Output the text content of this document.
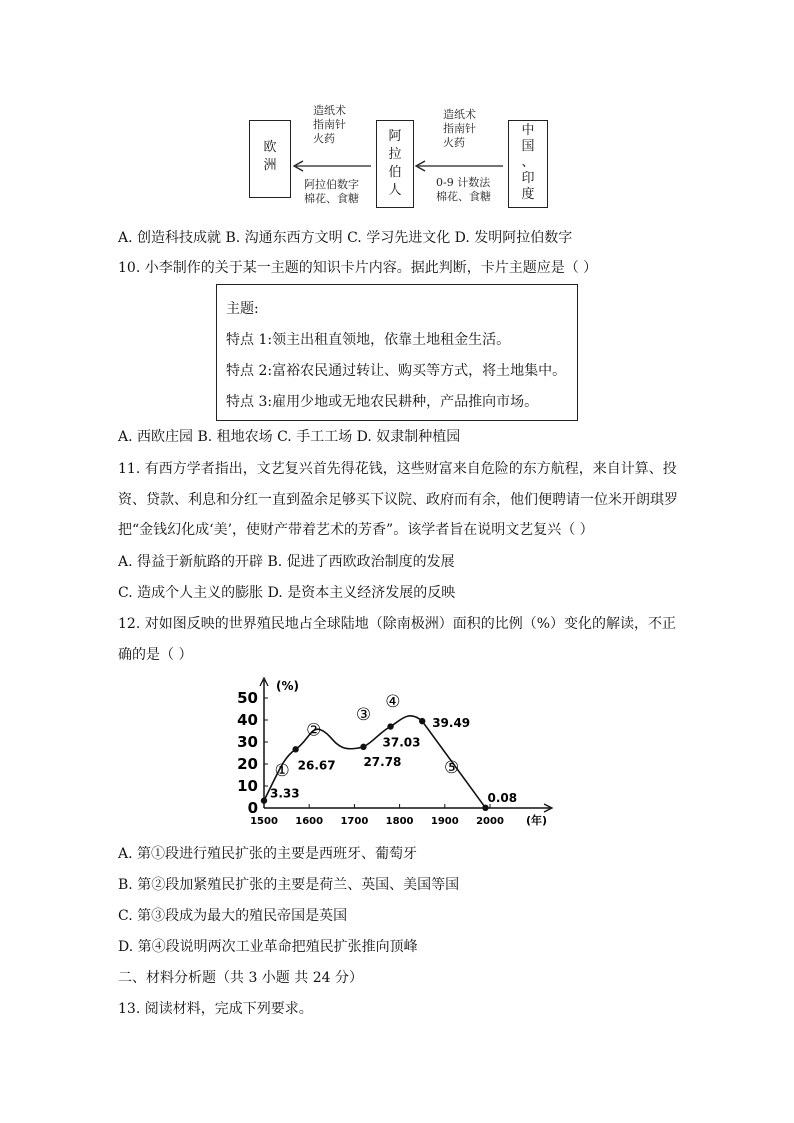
欧
洲
阿
拉
伯
人
中
国
、
印
度
造纸术
指南针
火药
阿拉伯数字
棉花、食糖
造纸术
指南针
火药
0-9 计数法
棉花、食糖
A. 创造科技成就 B. 沟通东西方文明 C. 学习先进文化 D. 发明阿拉伯数字
10. 小李制作的关于某一主题的知识卡片内容。据此判断，卡片主题应是（ ）
主题:
特点 1:领主出租直领地，依靠土地租金生活。
特点 2:富裕农民通过转让、购买等方式，将土地集中。
特点 3:雇用少地或无地农民耕种，产品推向市场。
A. 西欧庄园 B. 租地农场 C. 手工工场 D. 奴隶制种植园
11. 有西方学者指出，文艺复兴首先得花钱，这些财富来自危险的东方航程，来自计算、投
资、贷款、利息和分红一直到盈余足够买下议院、政府而有余，他们便聘请一位米开朗琪罗
把“金钱幻化成‘美’，使财产带着艺术的芳香”。该学者旨在说明文艺复兴（ ）
A. 得益于新航路的开辟 B. 促进了西欧政治制度的发展
C. 造成个人主义的膨胀 D. 是资本主义经济发展的反映
12. 对如图反映的世界殖民地占全球陆地（除南极洲）面积的比例（%）变化的解读，不正
确的是（ ）
0
10
20
30
40
50
1500 1600 1700 1800 1900 2000
(%)
(年)
3.33
26.67 27.78
37.03
39.49
0.08
①
②
③
④
⑤
A. 第①段进行殖民扩张的主要是西班牙、葡萄牙
B. 第②段加紧殖民扩张的主要是荷兰、英国、美国等国
C. 第③段成为最大的殖民帝国是英国
D. 第④段说明两次工业革命把殖民扩张推向顶峰
二、材料分析题（共 3 小题 共 24 分）
13. 阅读材料，完成下列要求。
